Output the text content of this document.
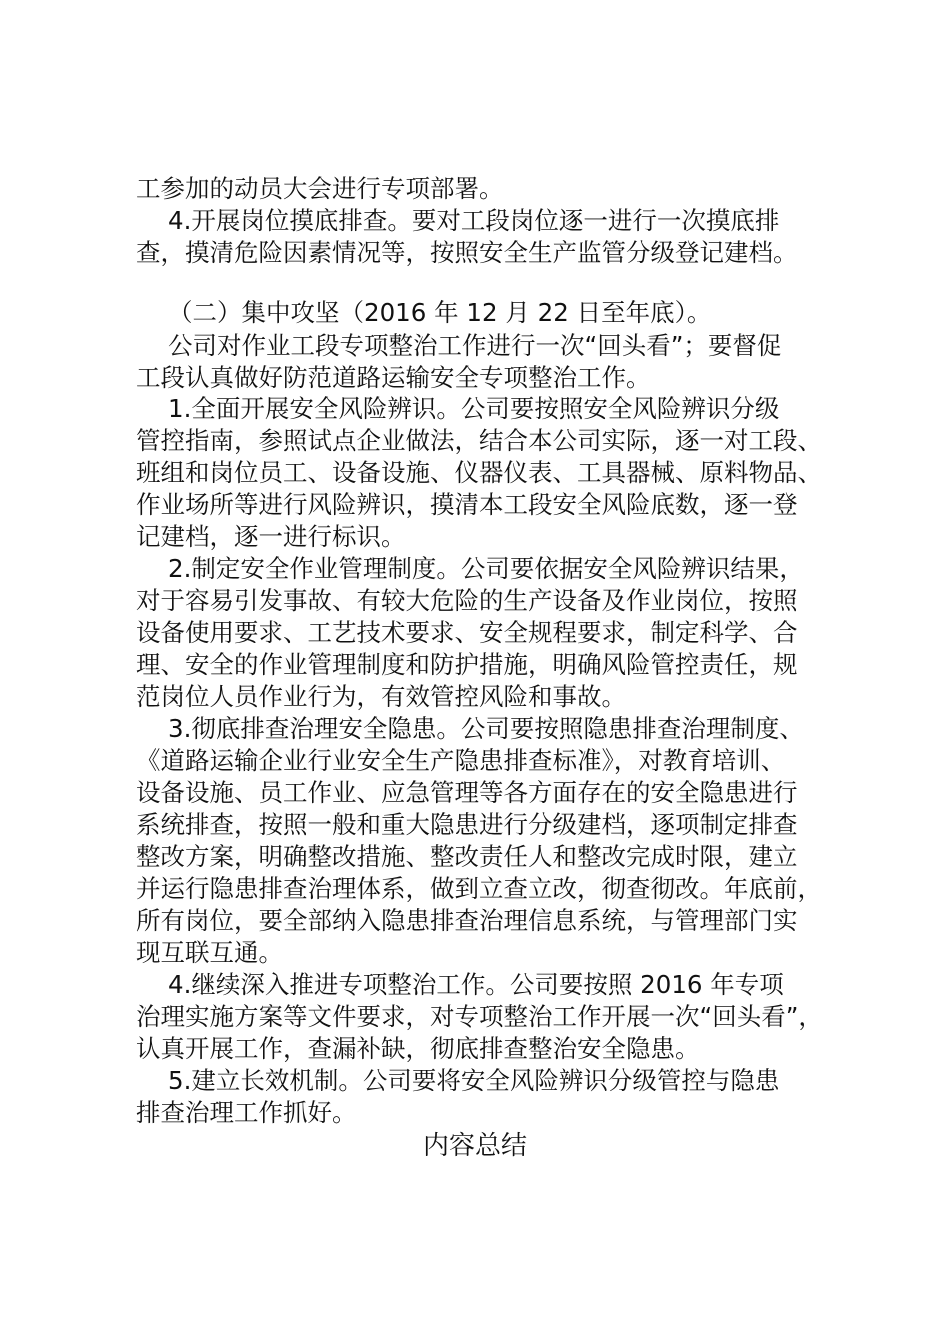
工参加的动员大会进行专项部署。
4.开展岗位摸底排查。要对工段岗位逐一进行一次摸底排
查，摸清危险因素情况等，按照安全生产监管分级登记建档。
（二）集中攻坚（2016 年 12 月 22 日至年底）。
公司对作业工段专项整治工作进行一次“回头看”；要督促
工段认真做好防范道路运输安全专项整治工作。
1.全面开展安全风险辨识。公司要按照安全风险辨识分级
管控指南，参照试点企业做法，结合本公司实际，逐一对工段、
班组和岗位员工、设备设施、仪器仪表、工具器械、原料物品、
作业场所等进行风险辨识，摸清本工段安全风险底数，逐一登
记建档，逐一进行标识。
2.制定安全作业管理制度。公司要依据安全风险辨识结果，
对于容易引发事故、有较大危险的生产设备及作业岗位，按照
设备使用要求、工艺技术要求、安全规程要求，制定科学、合
理、安全的作业管理制度和防护措施，明确风险管控责任，规
范岗位人员作业行为，有效管控风险和事故。
3.彻底排查治理安全隐患。公司要按照隐患排查治理制度、
《道路运输企业行业安全生产隐患排查标准》，对教育培训、
设备设施、员工作业、应急管理等各方面存在的安全隐患进行
系统排查，按照一般和重大隐患进行分级建档，逐项制定排查
整改方案，明确整改措施、整改责任人和整改完成时限，建立
并运行隐患排查治理体系，做到立查立改，彻查彻改。年底前，
所有岗位，要全部纳入隐患排查治理信息系统，与管理部门实
现互联互通。
4.继续深入推进专项整治工作。公司要按照 2016 年专项
治理实施方案等文件要求，对专项整治工作开展一次“回头看”，
认真开展工作，查漏补缺，彻底排查整治安全隐患。
5.建立长效机制。公司要将安全风险辨识分级管控与隐患
排查治理工作抓好。
内容总结
